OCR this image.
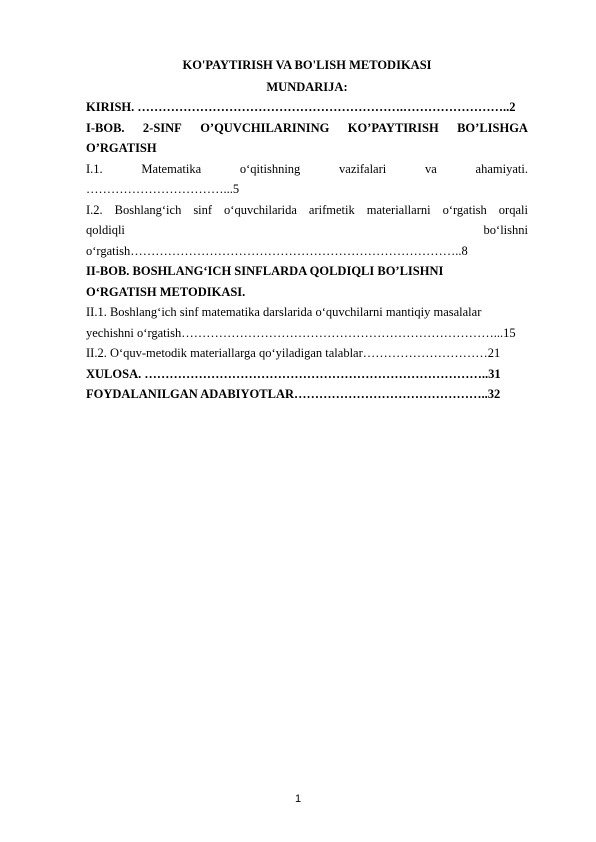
KO'PAYTIRISH VA BO'LISH METODIKASI
MUNDARIJA:
KIRISH. ……………………………………………………….……………………..2
I-BOB. 2-SINF O’QUVCHILARINING KO’PAYTIRISH BO’LISHGA
O’RGATISH
I.1.	Matematika	o‘qitishning	vazifalari	va	ahamiyati.
……………………………...5
I.2. Boshlang‘ich sinf o‘quvchilarida arifmetik materiallarni o‘rgatish orqali
qoldiqli	bo‘lishni
o‘rgatish……………………………………………………………………..8
II-BOB. BOSHLANG‘ICH SINFLARDA QOLDIQLI BO’LISHNI
O‘RGATISH METODIKASI.
II.1. Boshlang‘ich sinf matematika darslarida o‘quvchilarni mantiqiy masalalar
yechishni o‘rgatish…………………………………………………………………...15
II.2. O‘quv-metodik materiallarga qo‘yiladigan talablar…………………………21
XULOSA. ………………………………………………………………………..31
FOYDALANILGAN ADABIYOTLAR………………………………………..32
1
